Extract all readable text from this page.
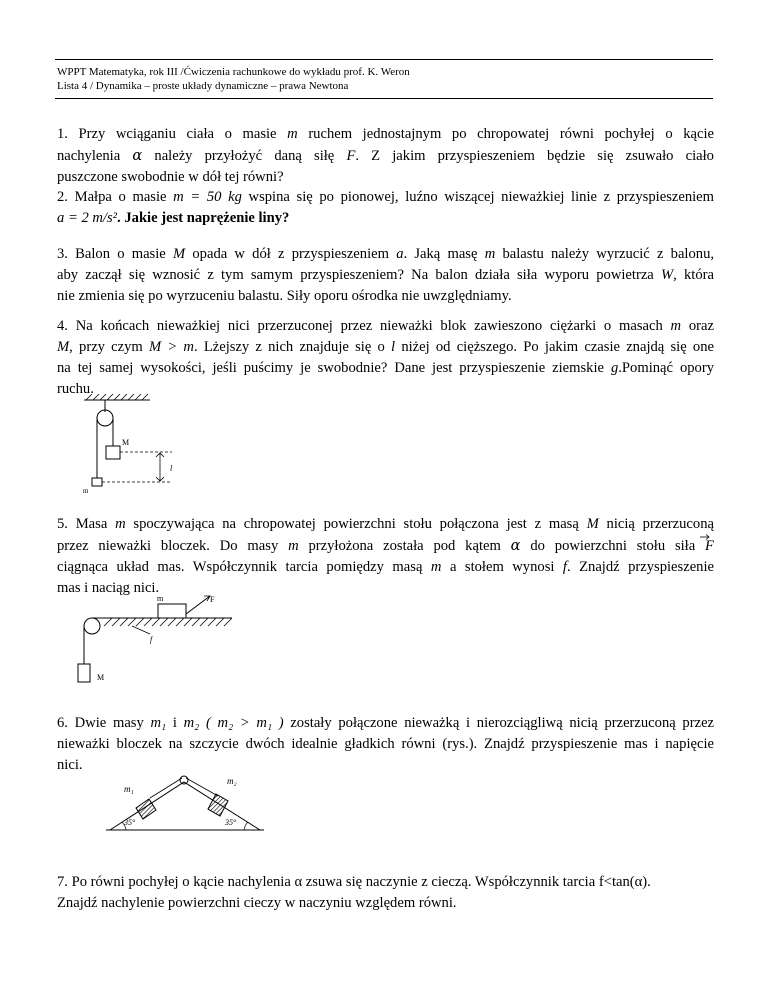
WPPT Matematyka, rok III /Ćwiczenia rachunkowe do wykładu prof. K. Weron
Lista 4 / Dynamika – proste układy dynamiczne – prawa Newtona
1. Przy wciąganiu ciała o masie m ruchem jednostajnym po chropowatej równi pochyłej o kącie
nachylenia α należy przyłożyć daną siłę F. Z jakim przyspieszeniem będzie się zsuwało ciało
puszczone swobodnie w dół tej równi?
2. Małpa o masie m = 50 kg wspina się po pionowej, luźno wiszącej nieważkiej linie z przyspieszeniem
a = 2 m/s². Jakie jest naprężenie liny?
3. Balon o masie M opada w dół z przyspieszeniem a. Jaką masę m balastu należy wyrzucić z balonu,
aby zaczął się wznosić z tym samym przyspieszeniem? Na balon działa siła wyporu powietrza W, która
nie zmienia się po wyrzuceniu balastu. Siły oporu ośrodka nie uwzględniamy.
4. Na końcach nieważkiej nici przerzuconej przez nieważki blok zawieszono ciężarki o masach m oraz
M, przy czym M > m. Lżejszy z nich znajduje się o l niżej od cięższego. Po jakim czasie znajdą się one
na tej samej wysokości, jeśli puścimy je swobodnie? Dane jest przyspieszenie ziemskie g.Pominąć opory
ruchu.
M
m
l
5. Masa m spoczywająca na chropowatej powierzchni stołu połączona jest z masą M nicią przerzuconą
przez nieważki bloczek. Do masy m przyłożona została pod kątem α do powierzchni stołu siła F
ciągnąca układ mas. Współczynnik tarcia pomiędzy masą m a stołem wynosi f. Znajdź przyspieszenie
mas i naciąg nici.
M
m	F
f
6. Dwie masy m₁ i m₂ ( m₂ > m₁ ) zostały połączone nieważką i nierozciągliwą nicią przerzuconą przez
nieważki bloczek na szczycie dwóch idealnie gładkich równi (rys.). Znajdź przyspieszenie mas i napięcie
nici.
m₁
m₂
35°	35°
7. Po równi pochyłej o kącie nachylenia α zsuwa się naczynie z cieczą. Współczynnik tarcia f<tan(α).
Znajdź nachylenie powierzchni cieczy w naczyniu względem równi.
